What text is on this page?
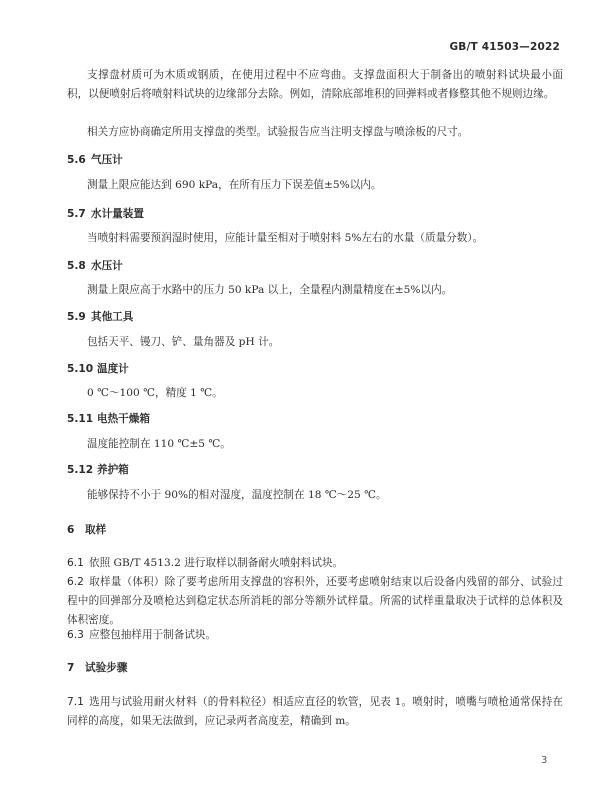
GB/T 41503—2022
支撑盘材质可为木质或钢质，在使用过程中不应弯曲。支撑盘面积大于制备出的喷射料试块最小面积，以便喷射后将喷射料试块的边缘部分去除。例如，清除底部堆积的回弹料或者修整其他不规则边缘。
相关方应协商确定所用支撑盘的类型。试验报告应当注明支撑盘与喷涂板的尺寸。
5.6 气压计
测量上限应能达到 690 kPa，在所有压力下误差值±5%以内。
5.7 水计量装置
当喷射料需要预润湿时使用，应能计量至相对于喷射料 5%左右的水量（质量分数）。
5.8 水压计
测量上限应高于水路中的压力 50 kPa 以上，全量程内测量精度在±5%以内。
5.9 其他工具
包括天平、镘刀、铲、量角器及 pH 计。
5.10 温度计
0 ℃～100 ℃，精度 1 ℃。
5.11 电热干燥箱
温度能控制在 110 ℃±5 ℃。
5.12 养护箱
能够保持不小于 90%的相对湿度，温度控制在 18 ℃～25 ℃。
6 取样
6.1 依照 GB/T 4513.2 进行取样以制备耐火喷射料试块。
6.2 取样量（体积）除了要考虑所用支撑盘的容积外，还要考虑喷射结束以后设备内残留的部分、试验过程中的回弹部分及喷枪达到稳定状态所消耗的部分等额外试样量。所需的试样重量取决于试样的总体积及体积密度。
6.3 应整包抽样用于制备试块。
7 试验步骤
7.1 选用与试验用耐火材料（的骨料粒径）相适应直径的软管，见表 1。喷射时，喷嘴与喷枪通常保持在同样的高度，如果无法做到，应记录两者高度差，精确到 m。
3
